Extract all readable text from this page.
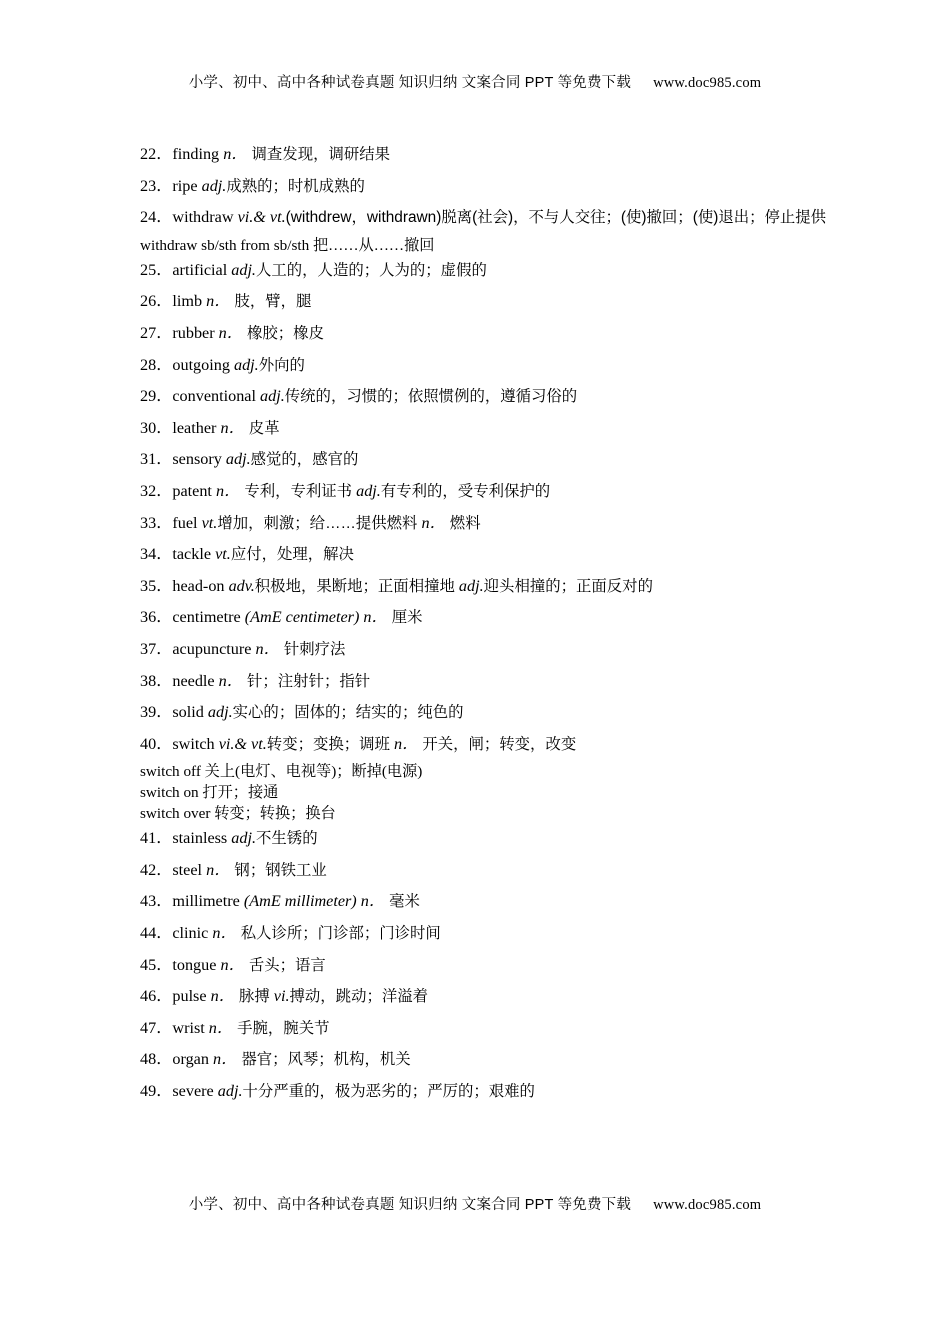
小学、初中、高中各种试卷真题 知识归纳 文案合同 PPT 等免费下载 www.doc985.com
22．finding n． 调查发现，调研结果
23．ripe adj.成熟的；时机成熟的
24．withdraw vi.& vt.(withdrew，withdrawn)脱离(社会)，不与人交往；(使)撤回；(使)退出；停止提供
withdraw sb/sth from sb/sth 把……从……撤回
25．artificial adj.人工的，人造的；人为的；虚假的
26．limb n． 肢，臂，腿
27．rubber n． 橡胶；橡皮
28．outgoing adj.外向的
29．conventional adj.传统的，习惯的；依照惯例的，遵循习俗的
30．leather n． 皮革
31．sensory adj.感觉的，感官的
32．patent n． 专利，专利证书 adj.有专利的，受专利保护的
33．fuel vt.增加，刺激；给……提供燃料 n． 燃料
34．tackle vt.应付，处理，解决
35．head-on adv.积极地，果断地；正面相撞地 adj.迎头相撞的；正面反对的
36．centimetre (AmE centimeter) n． 厘米
37．acupuncture n． 针刺疗法
38．needle n． 针；注射针；指针
39．solid adj.实心的；固体的；结实的；纯色的
40．switch vi.& vt.转变；变换；调班 n． 开关，闸；转变，改变
switch off 关上(电灯、电视等)；断掉(电源)
switch on 打开；接通
switch over 转变；转换；换台
41．stainless adj.不生锈的
42．steel n． 钢；钢铁工业
43．millimetre (AmE millimeter) n． 毫米
44．clinic n． 私人诊所；门诊部；门诊时间
45．tongue n． 舌头；语言
46．pulse n． 脉搏 vi.搏动，跳动；洋溢着
47．wrist n． 手腕，腕关节
48．organ n． 器官；风琴；机构，机关
49．severe adj.十分严重的，极为恶劣的；严厉的；艰难的
小学、初中、高中各种试卷真题 知识归纳 文案合同 PPT 等免费下载 www.doc985.com
